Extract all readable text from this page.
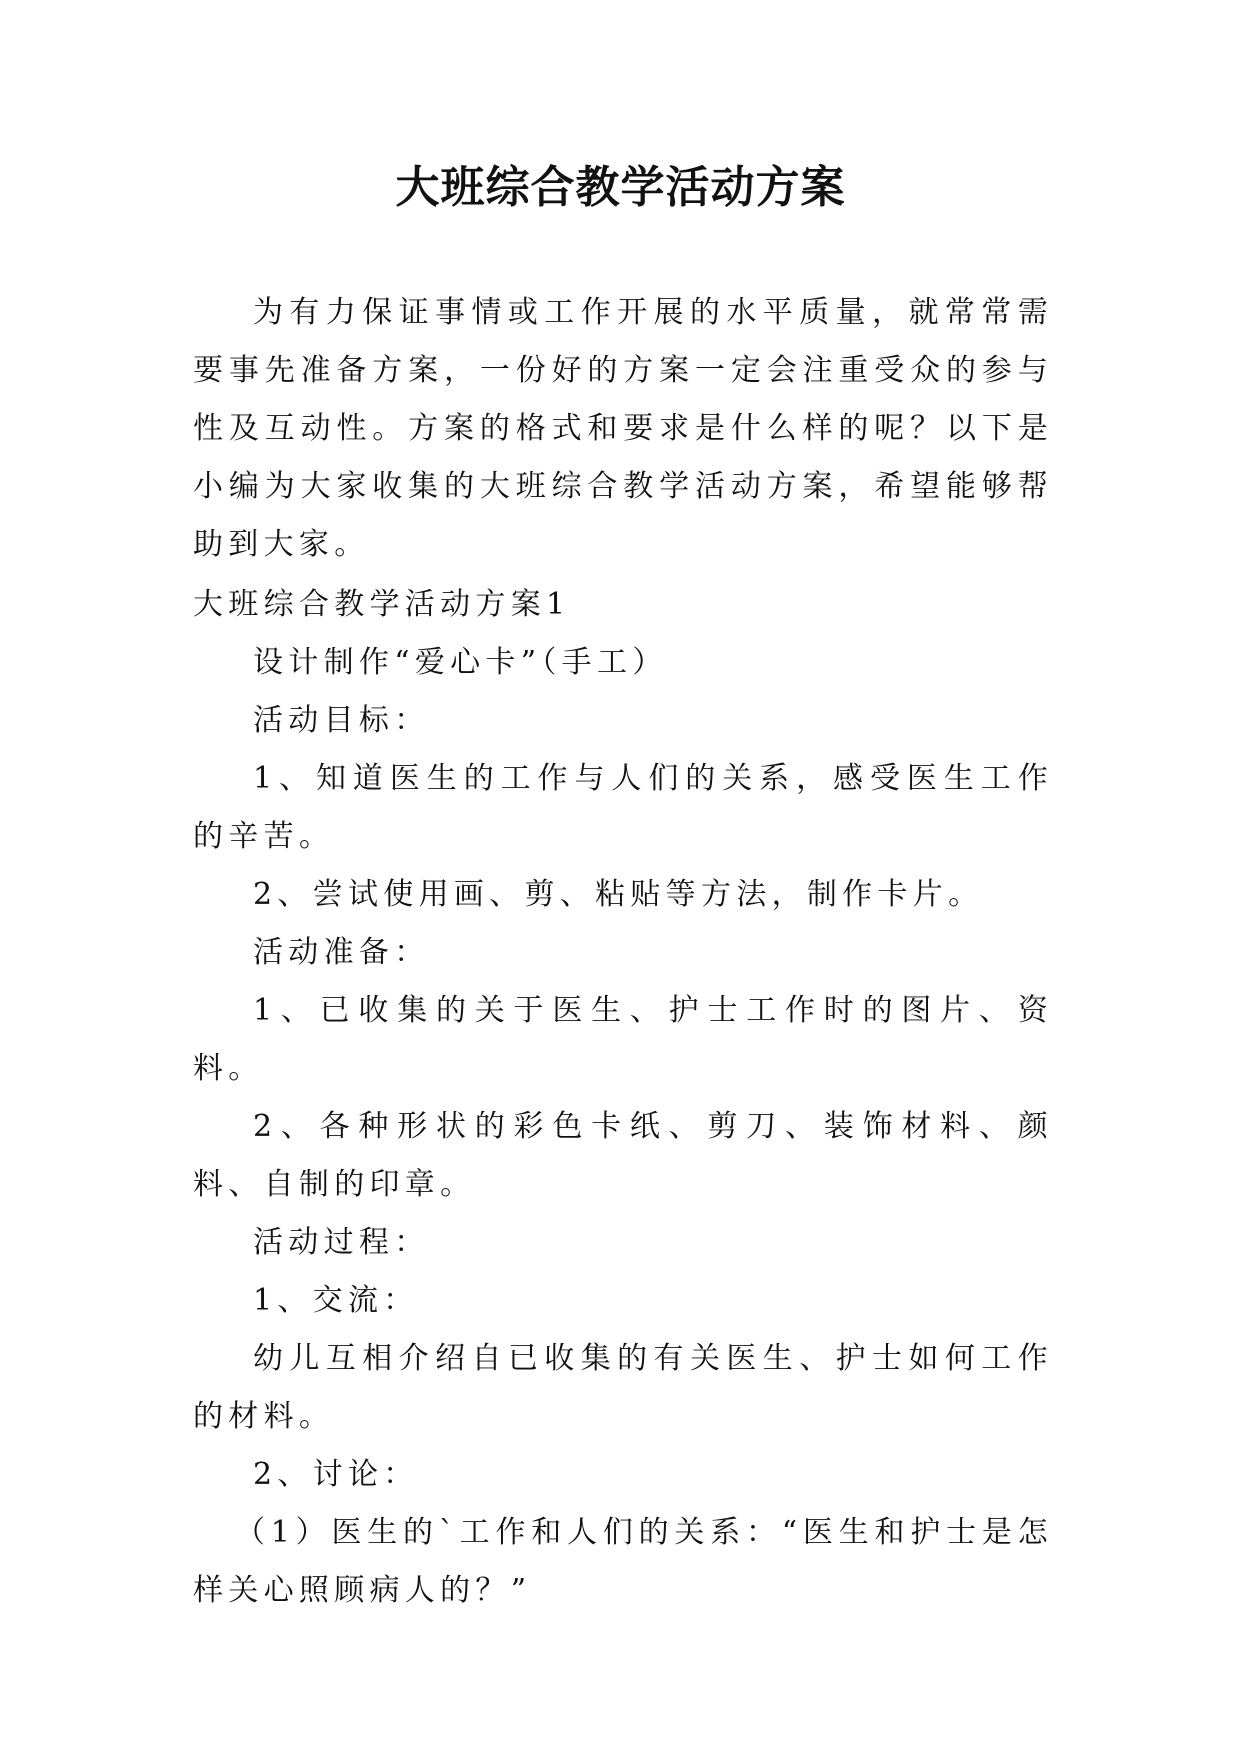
大班综合教学活动方案

为有力保证事情或工作开展的水平质量，就常常需要事先准备方案，一份好的方案一定会注重受众的参与性及互动性。方案的格式和要求是什么样的呢？以下是小编为大家收集的大班综合教学活动方案，希望能够帮助到大家。

大班综合教学活动方案1

设计制作“爱心卡”（手工）

活动目标：

1、知道医生的工作与人们的关系，感受医生工作的辛苦。

2、尝试使用画、剪、粘贴等方法，制作卡片。

活动准备：

1、已收集的关于医生、护士工作时的图片、资料。

2、各种形状的彩色卡纸、剪刀、装饰材料、颜料、自制的印章。

活动过程：

1、交流：

幼儿互相介绍自已收集的有关医生、护士如何工作的材料。

2、讨论：

（1）医生的`工作和人们的关系：“医生和护士是怎样关心照顾病人的？”
